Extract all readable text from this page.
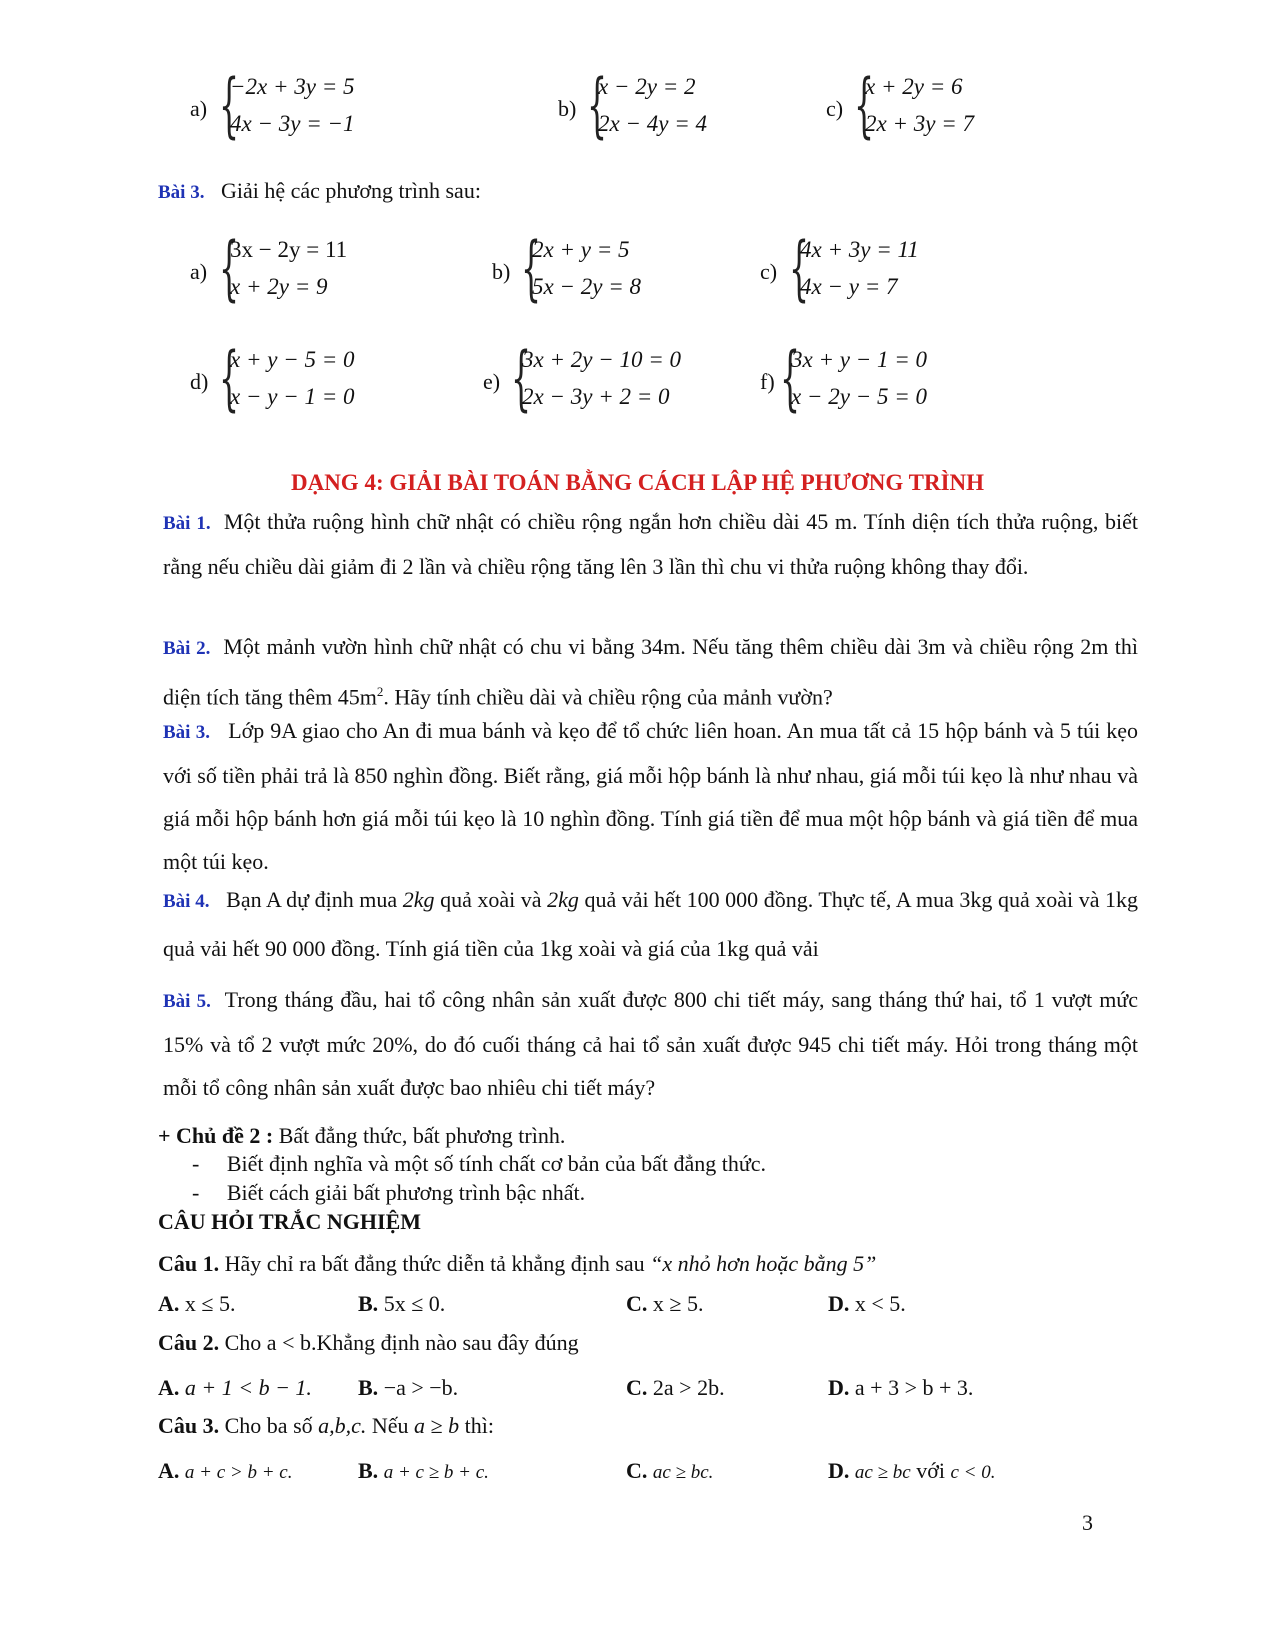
a) {
−2x + 3y = 5
4x − 3y = −1
b) {
x − 2y = 2
2x − 4y = 4
c) {
x + 2y = 6
2x + 3y = 7
Bài 3. Giải hệ các phương trình sau:
a) {
3x − 2y = 11
x + 2y = 9
b) {
2x + y = 5
5x − 2y = 8
c) {
4x + 3y = 11
4x − y = 7
d) {
x + y − 5 = 0
x − y − 1 = 0
e) {
3x + 2y − 10 = 0
2x − 3y + 2 = 0
f) {
3x + y − 1 = 0
x − 2y − 5 = 0
DẠNG 4: GIẢI BÀI TOÁN BẰNG CÁCH LẬP HỆ PHƯƠNG TRÌNH
Bài 1. Một thửa ruộng hình chữ nhật có chiều rộng ngắn hơn chiều dài 45 m. Tính diện tích thửa ruộng, biết rằng nếu chiều dài giảm đi 2 lần và chiều rộng tăng lên 3 lần thì chu vi thửa ruộng không thay đổi.
Bài 2. Một mảnh vườn hình chữ nhật có chu vi bằng 34m. Nếu tăng thêm chiều dài 3m và chiều rộng 2m thì diện tích tăng thêm $45m^2$. Hãy tính chiều dài và chiều rộng của mảnh vườn?
Bài 3. Lớp 9A giao cho An đi mua bánh và kẹo để tổ chức liên hoan. An mua tất cả 15 hộp bánh và 5 túi kẹo với số tiền phải trả là 850 nghìn đồng. Biết rằng, giá mỗi hộp bánh là như nhau, giá mỗi túi kẹo là như nhau và giá mỗi hộp bánh hơn giá mỗi túi kẹo là 10 nghìn đồng. Tính giá tiền để mua một hộp bánh và giá tiền để mua một túi kẹo.
Bài 4. Bạn A dự định mua 2kg quả xoài và 2kg quả vải hết 100 000 đồng. Thực tế, A mua 3kg quả xoài và 1kg quả vải hết 90 000 đồng. Tính giá tiền của 1kg xoài và giá của 1kg quả vải
Bài 5. Trong tháng đầu, hai tổ công nhân sản xuất được 800 chi tiết máy, sang tháng thứ hai, tổ 1 vượt mức 15% và tổ 2 vượt mức 20%, do đó cuối tháng cả hai tổ sản xuất được 945 chi tiết máy. Hỏi trong tháng một mỗi tổ công nhân sản xuất được bao nhiêu chi tiết máy?
+ Chủ đề 2 : Bất đẳng thức, bất phương trình.
- Biết định nghĩa và một số tính chất cơ bản của bất đẳng thức.
- Biết cách giải bất phương trình bậc nhất.
CÂU HỎI TRẮC NGHIỆM
Câu 1. Hãy chỉ ra bất đẳng thức diễn tả khẳng định sau “x nhỏ hơn hoặc bằng 5”
A. x ≤ 5.	B. 5x ≤ 0.	C. x ≥ 5.	D. x < 5.
Câu 2. Cho a < b.Khẳng định nào sau đây đúng
A. a + 1 < b − 1. B. −a > −b.	C. 2a > 2b.	D. a + 3 > b + 3.
Câu 3. Cho ba số a,b,c. Nếu a ≥ b thì:
A. a + c > b + c.	B. a + c ≥ b + c.	C. ac ≥ bc.	D. ac ≥ bc với c < 0.
3
